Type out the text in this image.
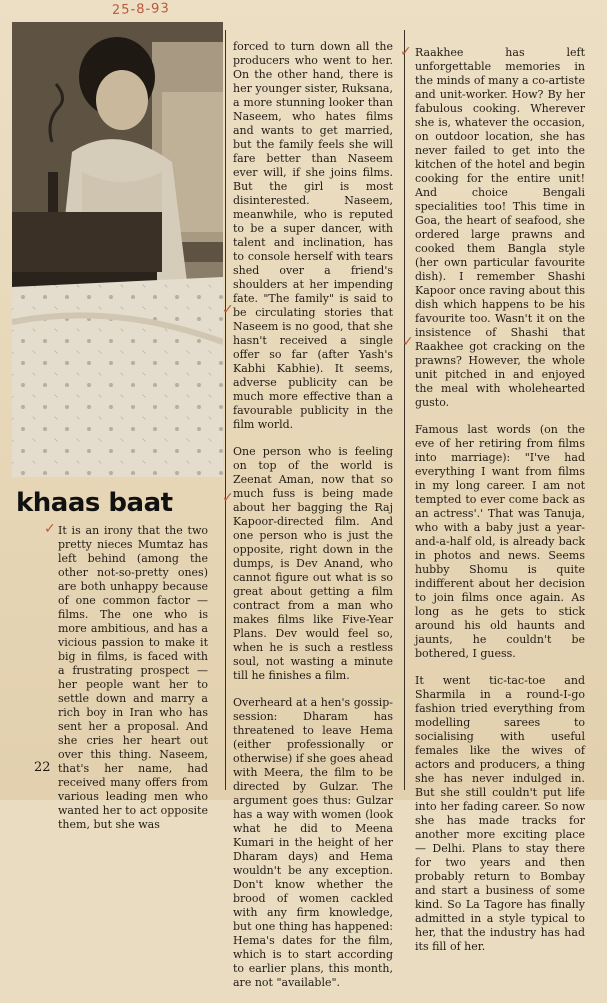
25-8-93
khaas baat
✓
✓
✓
✓
✓

It is an irony that the two pretty nieces Mumtaz has left behind (among the other not-so-pretty ones) are both unhappy because of one common factor — films. The one who is more ambitious, and has a vicious passion to make it big in films, is faced with a frustrating prospect — her people want her to settle down and marry a rich boy in Iran who has sent her a proposal. And she cries her heart out over this thing. Naseem, that's her name, had received many offers from various leading men who wanted her to act opposite them, but she was

forced to turn down all the producers who went to her. On the other hand, there is her younger sister, Ruksana, a more stunning looker than Naseem, who hates films and wants to get married, but the family feels she will fare better than Naseem ever will, if she joins films. But the girl is most disinterested. Naseem, meanwhile, who is reputed to be a super dancer, with talent and inclination, has to console herself with tears shed over a friend's shoulders at her impending fate. "The family" is said to be circulating stories that Naseem is no good, that she hasn't received a single offer so far (after Yash's Kabhi Kabhie). It seems, adverse publicity can be much more effective than a favourable publicity in the film world.

One person who is feeling on top of the world is Zeenat Aman, now that so much fuss is being made about her bagging the Raj Kapoor-directed film. And one person who is just the opposite, right down in the dumps, is Dev Anand, who cannot figure out what is so great about getting a film contract from a man who makes films like Five-Year Plans. Dev would feel so, when he is such a restless soul, not wasting a minute till he finishes a film.

Overheard at a hen's gossip-session: Dharam has threatened to leave Hema (either professionally or otherwise) if she goes ahead with Meera, the film to be directed by Gulzar. The argument goes thus: Gulzar has a way with women (look what he did to Meena Kumari in the height of her Dharam days) and Hema wouldn't be any exception. Don't know whether the brood of women cackled with any firm knowledge, but one thing has happened: Hema's dates for the film, which is to start according to earlier plans, this month, are not "available".

Raakhee has left unforgettable memories in the minds of many a co-artiste and unit-worker. How? By her fabulous cooking. Wherever she is, whatever the occasion, on outdoor location, she has never failed to get into the kitchen of the hotel and begin cooking for the entire unit! And choice Bengali specialities too! This time in Goa, the heart of seafood, she ordered large prawns and cooked them Bangla style (her own particular favourite dish). I remember Shashi Kapoor once raving about this dish which happens to be his favourite too. Wasn't it on the insistence of Shashi that Raakhee got cracking on the prawns? However, the whole unit pitched in and enjoyed the meal with wholehearted gusto.

Famous last words (on the eve of her retiring from films into marriage): "I've had everything I want from films in my long career. I am not tempted to ever come back as an actress'.' That was Tanuja, who with a baby just a year-and-a-half old, is already back in photos and news. Seems hubby Shomu is quite indifferent about her decision to join films once again. As long as he gets to stick around his old haunts and jaunts, he couldn't be bothered, I guess.

It went tic-tac-toe and Sharmila in a round-I-go fashion tried everything from modelling sarees to socialising with useful females like the wives of actors and producers, a thing she has never indulged in. But she still couldn't put life into her fading career. So now she has made tracks for another more exciting place — Delhi. Plans to stay there for two years and then probably return to Bombay and start a business of some kind. So La Tagore has finally admitted in a style typical to her, that the industry has had its fill of her.

22
